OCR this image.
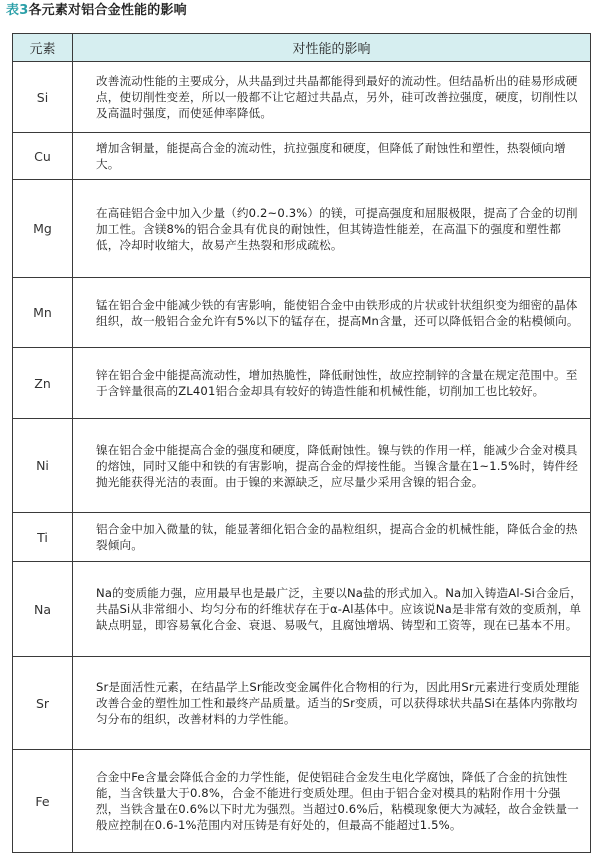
表3各元素对铝合金性能的影响
元素	对性能的影响
Si	改善流动性能的主要成分，从共晶到过共晶都能得到最好的流动性。但结晶析出的硅易形成硬点，使切削性变差，所以一般都不让它超过共晶点，另外，硅可改善拉强度，硬度，切削性以及高温时强度，而使延伸率降低。
Cu	增加含铜量，能提高合金的流动性，抗拉强度和硬度，但降低了耐蚀性和塑性，热裂倾向增大。
Mg	在高硅铝合金中加入少量（约0.2~0.3%）的镁，可提高强度和屈服极限，提高了合金的切削加工性。含镁8%的铝合金具有优良的耐蚀性，但其铸造性能差，在高温下的强度和塑性都低，冷却时收缩大，故易产生热裂和形成疏松。
Mn	锰在铝合金中能减少铁的有害影响，能使铝合金中由铁形成的片状或针状组织变为细密的晶体组织，故一般铝合金允许有5%以下的锰存在，提高Mn含量，还可以降低铝合金的粘模倾向。
Zn	锌在铝合金中能提高流动性，增加热脆性，降低耐蚀性，故应控制锌的含量在规定范围中。至于含锌量很高的ZL401铝合金却具有较好的铸造性能和机械性能，切削加工也比较好。
Ni	镍在铝合金中能提高合金的强度和硬度，降低耐蚀性。镍与铁的作用一样，能减少合金对模具的熔蚀，同时又能中和铁的有害影响，提高合金的焊接性能。当镍含量在1~1.5%时，铸件经抛光能获得光洁的表面。由于镍的来源缺乏，应尽量少采用含镍的铝合金。
Ti	铝合金中加入微量的钛，能显著细化铝合金的晶粒组织，提高合金的机械性能，降低合金的热裂倾向。
Na	Na的变质能力强，应用最早也是最广泛，主要以Na盐的形式加入。Na加入铸造Al-Si合金后，共晶Si从非常细小、均匀分布的纤维状存在于α-Al基体中。应该说Na是非常有效的变质剂，单缺点明显，即容易氧化合金、衰退、易吸气，且腐蚀增埚、铸型和工资等，现在已基本不用。
Sr	Sr是面活性元素，在结晶学上Sr能改变金属件化合物相的行为，因此用Sr元素进行变质处理能改善合金的塑性加工性和最终产品质量。适当的Sr变质，可以获得球状共晶Si在基体内弥散均匀分布的组织，改善材料的力学性能。
Fe	合金中Fe含量会降低合金的力学性能，促使铝硅合金发生电化学腐蚀，降低了合金的抗蚀性能，当含铁量大于0.8%，合金不能进行变质处理。但由于铝合金对模具的粘附作用十分强烈，当铁含量在0.6%以下时尤为强烈。当超过0.6%后，粘模现象便大为减轻，故合金铁量一般应控制在0.6-1%范围内对压铸是有好处的，但最高不能超过1.5%。
